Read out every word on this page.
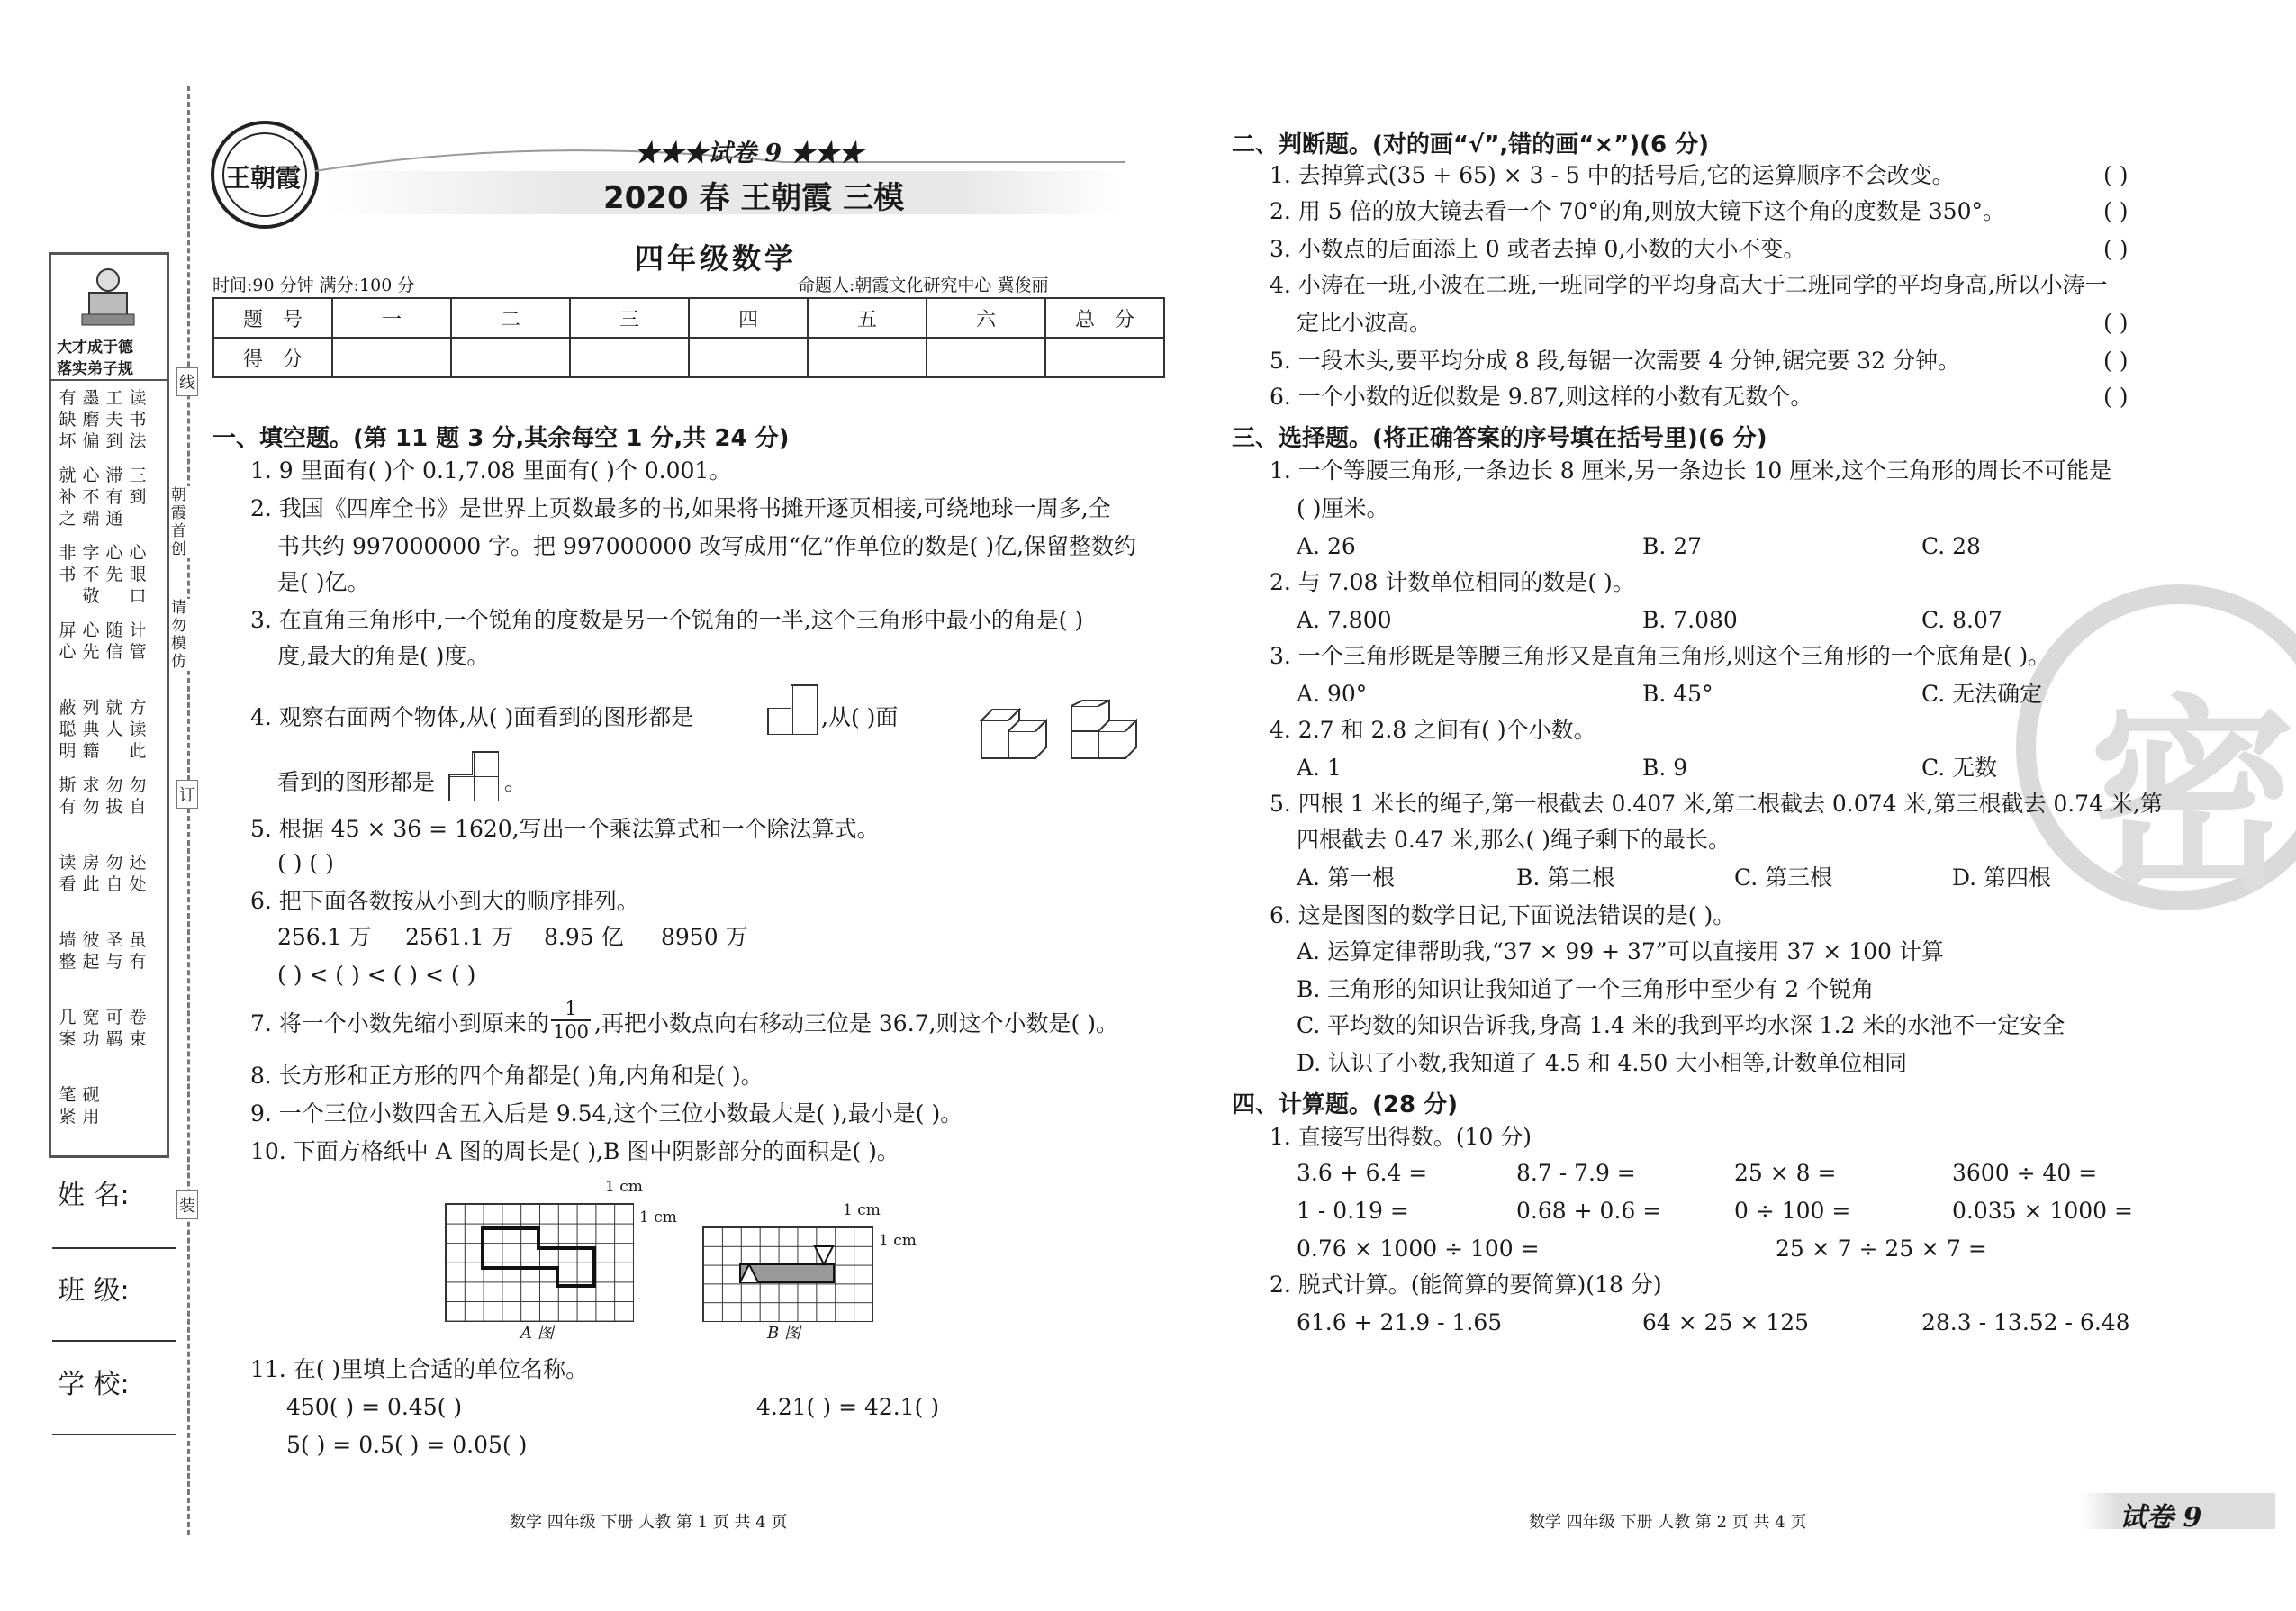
线
朝霞首创
请勿模仿
订
装
大才成于德
落实弟子规
有缺坏
墨磨偏
工夫到
读书法
就补之
心不端
滞有通
三到
非书
字不敬
心先
心眼口
屏心
心先
随信
计管
蔽聪明
列典籍
就人
方读此
斯有
求勿
勿拔
勿自
读看
房此
勿自
还处
墙整
彼起
圣与
虽有
几案
宽功
可羁
卷束
笔紧
砚用
姓 名:
班 级:
学 校:
王朝霞
★★★试卷 9 ★★★
2020 春 王朝霞 三模
四年级数学
时间:90 分钟 满分:100 分	命题人:朝霞文化研究中心 冀俊丽
题　号	一	二	三	四	五	六	总　分
得　分							
一、填空题。(第 11 题 3 分,其余每空 1 分,共 24 分)
1. 9 里面有( )个 0.1,7.08 里面有( )个 0.001。
2. 我国《四库全书》是世界上页数最多的书,如果将书摊开逐页相接,可绕地球一周多,全
书共约 997000000 字。把 997000000 改写成用“亿”作单位的数是( )亿,保留整数约
是( )亿。
3. 在直角三角形中,一个锐角的度数是另一个锐角的一半,这个三角形中最小的角是( )
度,最大的角是( )度。
4. 观察右面两个物体,从( )面看到的图形都是	,从( )面
看到的图形都是	。
5. 根据 45 × 36 = 1620,写出一个乘法算式和一个除法算式。
( ) ( )
6. 把下面各数按从小到大的顺序排列。
256.1 万 2561.1 万 8.95 亿 8950 万
( ) < ( ) < ( ) < ( )
7. 将一个小数先缩小到原来的
1
100 ,再把小数点向右移动三位是 36.7,则这个小数是( )。
8. 长方形和正方形的四个角都是( )角,内角和是( )。
9. 一个三位小数四舍五入后是 9.54,这个三位小数最大是( ),最小是( )。
10. 下面方格纸中 A 图的周长是( ),B 图中阴影部分的面积是( )。
1 cm
1 cm
A 图
1 cm
1 cm
B 图
11. 在( )里填上合适的单位名称。
450( ) = 0.45( )	4.21( ) = 42.1( )
5( ) = 0.5( ) = 0.05( )
数学 四年级 下册 人教 第 1 页 共 4 页
密
二、判断题。(对的画“√”,错的画“×”)(6 分)
1. 去掉算式(35 + 65) × 3 - 5 中的括号后,它的运算顺序不会改变。	( )
2. 用 5 倍的放大镜去看一个 70°的角,则放大镜下这个角的度数是 350°。	( )
3. 小数点的后面添上 0 或者去掉 0,小数的大小不变。	( )
4. 小涛在一班,小波在二班,一班同学的平均身高大于二班同学的平均身高,所以小涛一
定比小波高。	( )
5. 一段木头,要平均分成 8 段,每锯一次需要 4 分钟,锯完要 32 分钟。	( )
6. 一个小数的近似数是 9.87,则这样的小数有无数个。	( )
三、选择题。(将正确答案的序号填在括号里)(6 分)
1. 一个等腰三角形,一条边长 8 厘米,另一条边长 10 厘米,这个三角形的周长不可能是
( )厘米。
A. 26	B. 27	C. 28
2. 与 7.08 计数单位相同的数是( )。
A. 7.800	B. 7.080	C. 8.07
3. 一个三角形既是等腰三角形又是直角三角形,则这个三角形的一个底角是( )。
A. 90°	B. 45°	C. 无法确定
4. 2.7 和 2.8 之间有( )个小数。
A. 1	B. 9	C. 无数
5. 四根 1 米长的绳子,第一根截去 0.407 米,第二根截去 0.074 米,第三根截去 0.74 米,第
四根截去 0.47 米,那么( )绳子剩下的最长。
A. 第一根	B. 第二根	C. 第三根	D. 第四根
6. 这是图图的数学日记,下面说法错误的是( )。
A. 运算定律帮助我,“37 × 99 + 37”可以直接用 37 × 100 计算
B. 三角形的知识让我知道了一个三角形中至少有 2 个锐角
C. 平均数的知识告诉我,身高 1.4 米的我到平均水深 1.2 米的水池不一定安全
D. 认识了小数,我知道了 4.5 和 4.50 大小相等,计数单位相同
四、计算题。(28 分)
1. 直接写出得数。(10 分)
3.6 + 6.4 =	8.7 - 7.9 =	25 × 8 =	3600 ÷ 40 =
1 - 0.19 =	0.68 + 0.6 =	0 ÷ 100 =	0.035 × 1000 =
0.76 × 1000 ÷ 100 =	25 × 7 ÷ 25 × 7 =
2. 脱式计算。(能简算的要简算)(18 分)
61.6 + 21.9 - 1.65	64 × 25 × 125	28.3 - 13.52 - 6.48
数学 四年级 下册 人教 第 2 页 共 4 页	试卷 9
